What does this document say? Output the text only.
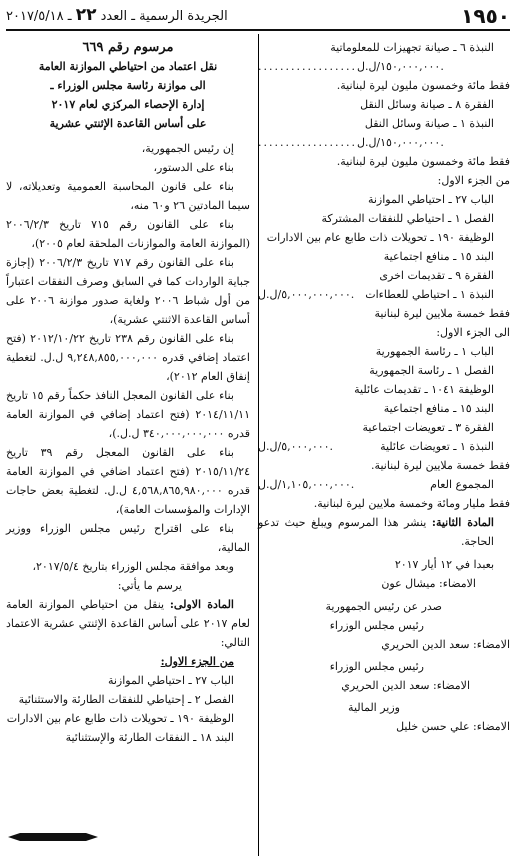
١٩٥٠
الجريدة الرسمية ـ العدد ٢٢ ـ ٢٠١٧/٥/١٨

النبذة ٦ ـ صيانة تجهيزات للمعلوماتية

..................١٥٠,٠٠٠,٠٠٠/ل.ل.

فقط مائة وخمسون مليون ليرة لبنانية.

الفقرة ٨ ـ صيانة وسائل النقل

النبذة ١ ـ صيانة وسائل النقل

..................١٥٠,٠٠٠,٠٠٠/ل.ل.

فقط مائة وخمسون مليون ليرة لبنانية.

من الجزء الاول:

الباب ٢٧ ـ احتياطي الموازنة

الفصل ١ ـ احتياطي للنفقات المشتركة

الوظيفة ١٩٠ ـ تحويلات ذات طابع عام بين الادارات

البند ١٥ ـ منافع اجتماعية

الفقرة ٩ ـ تقديمات اخرى

النبذة ١ ـ احتياطي للعطاءات
٥,٠٠٠,٠٠٠,٠٠٠/ل.ل.

فقط خمسة ملايين ليرة لبنانية

الى الجزء الاول:

الباب ١ ـ رئاسة الجمهورية

الفصل ١ ـ رئاسة الجمهورية

الوظيفة ١٠٤١ ـ تقديمات عائلية

البند ١٥ ـ منافع اجتماعية

الفقرة ٣ ـ تعويضات اجتماعية

النبذة ١ ـ تعويضات عائلية
٥,٠٠٠,٠٠٠/ل.ل.

فقط خمسة ملايين ليرة لبنانية.

المجموع العام
١,١٠٥,٠٠٠,٠٠٠/ل.ل.

فقط مليار ومائة وخمسة ملايين ليرة لبنانية.

المادة الثانية: ينشر هذا المرسوم ويبلغ حيث تدعو الحاجة.

بعبدا في ١٢ أيار ٢٠١٧

الامضاء: ميشال عون

صدر عن رئيس الجمهورية

رئيس مجلس الوزراء

الامضاء: سعد الدين الحريري

رئيس مجلس الوزراء

الامضاء: سعد الدين الحريري

وزير المالية

الامضاء: علي حسن خليل

مرسوم رقم ٦٦٩

نقل اعتماد من احتياطي الموازنة العامة

الى موازنة رئاسة مجلس الوزراء ـ

إدارة الإحصاء المركزي لعام ٢٠١٧

على أساس القاعدة الإثنتي عشرية

إن رئيس الجمهورية،

بناء على الدستور،

بناء على قانون المحاسبة العمومية وتعديلاته، لا سيما المادتين ٢٦ و٦٠ منه،

بناء على القانون رقم ٧١٥ تاريخ ٢٠٠٦/٢/٣ (الموازنة العامة والموازنات الملحقة لعام ٢٠٠٥)،

بناء على القانون رقم ٧١٧ تاريخ ٢٠٠٦/٢/٣ (إجازة جباية الواردات كما في السابق وصرف النفقات اعتباراً من أول شباط ٢٠٠٦ ولغاية صدور موازنة ٢٠٠٦ على أساس القاعدة الاثنتي عشرية)،

بناء على القانون رقم ٢٣٨ تاريخ ٢٠١٢/١٠/٢٢ (فتح اعتماد إضافي قدره ٩,٢٤٨,٨٥٥,٠٠٠,٠٠٠ ل.ل. لتغطية إنفاق العام ٢٠١٢)،

بناء على القانون المعجل النافذ حكماً رقم ١٥ تاريخ ٢٠١٤/١١/١١ (فتح اعتماد إضافي في الموازنة العامة قدره ٣٤٠,٠٠٠,٠٠٠,٠٠٠ ل.ل.)،

بناء على القانون المعجل رقم ٣٩ تاريخ ٢٠١٥/١١/٢٤ (فتح اعتماد اضافي في الموازنة العامة قدره ٤,٥٦٨,٨٦٥,٩٨٠,٠٠٠ ل.ل. لتغطية بعض حاجات الإدارات والمؤسسات العامة)،

بناء على اقتراح رئيس مجلس الوزراء ووزير المالية،

وبعد موافقة مجلس الوزراء بتاريخ ٢٠١٧/٥/٤،

يرسم ما يأتي:

المادة الاولى: ينقل من احتياطي الموازنة العامة لعام ٢٠١٧ على أساس القاعدة الإثنتي عشرية الاعتماد التالي:

من الجزء الاول:

الباب ٢٧ ـ احتياطي الموازنة

الفصل ٢ ـ إحتياطي للنفقات الطارئة والاستثنائية

الوظيفة ١٩٠ ـ تحويلات ذات طابع عام بين الادارات

البند ١٨ ـ النفقات الطارئة والإستثنائية
